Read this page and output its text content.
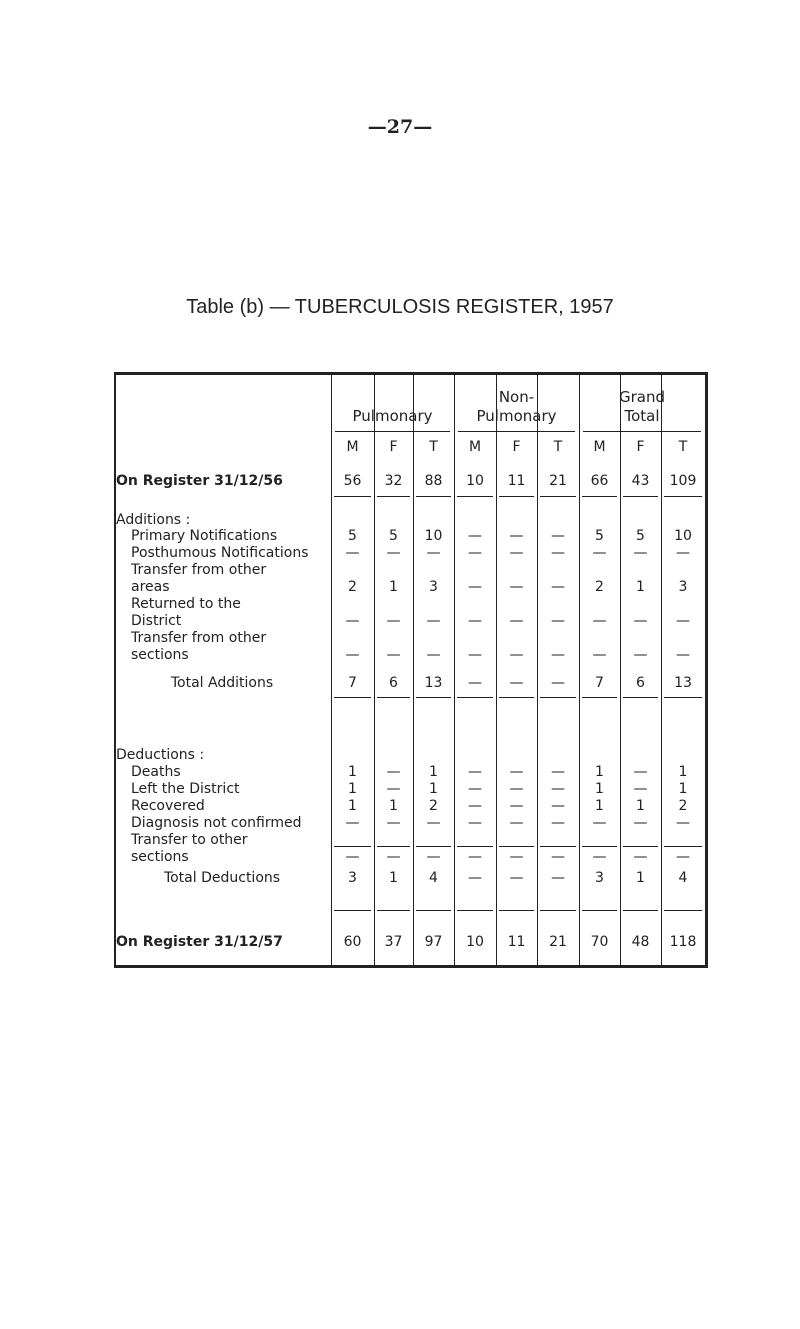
—27—
Table (b) — TUBERCULOSIS REGISTER, 1957
Pulmonary
Non-
Pulmonary
Grand
Total
M F T M F T M F T
On Register 31/12/56	56 32 88 10 11 21 66 43 109
Additions :
Primary Notifications	5 5 10 — — — 5 5 10
Posthumous Notifications	— — — — — — — — —
Transfer from other
areas	2 1 3 — — — 2 1 3
Returned to the
District	— — — — — — — — —
Transfer from other
sections	— — — — — — — — —
Total Additions	7 6 13 — — — 7 6 13
Deductions :
Deaths	1 — 1 — — — 1 — 1
Left the District	1 — 1 — — — 1 — 1
Recovered	1 1 2 — — — 1 1 2
Diagnosis not confirmed	— — — — — — — — —
Transfer to other
sections	— — — — — — — — —
Total Deductions	3 1 4 — — — 3 1 4
On Register 31/12/57	60 37 97 10 11 21 70 48 118
